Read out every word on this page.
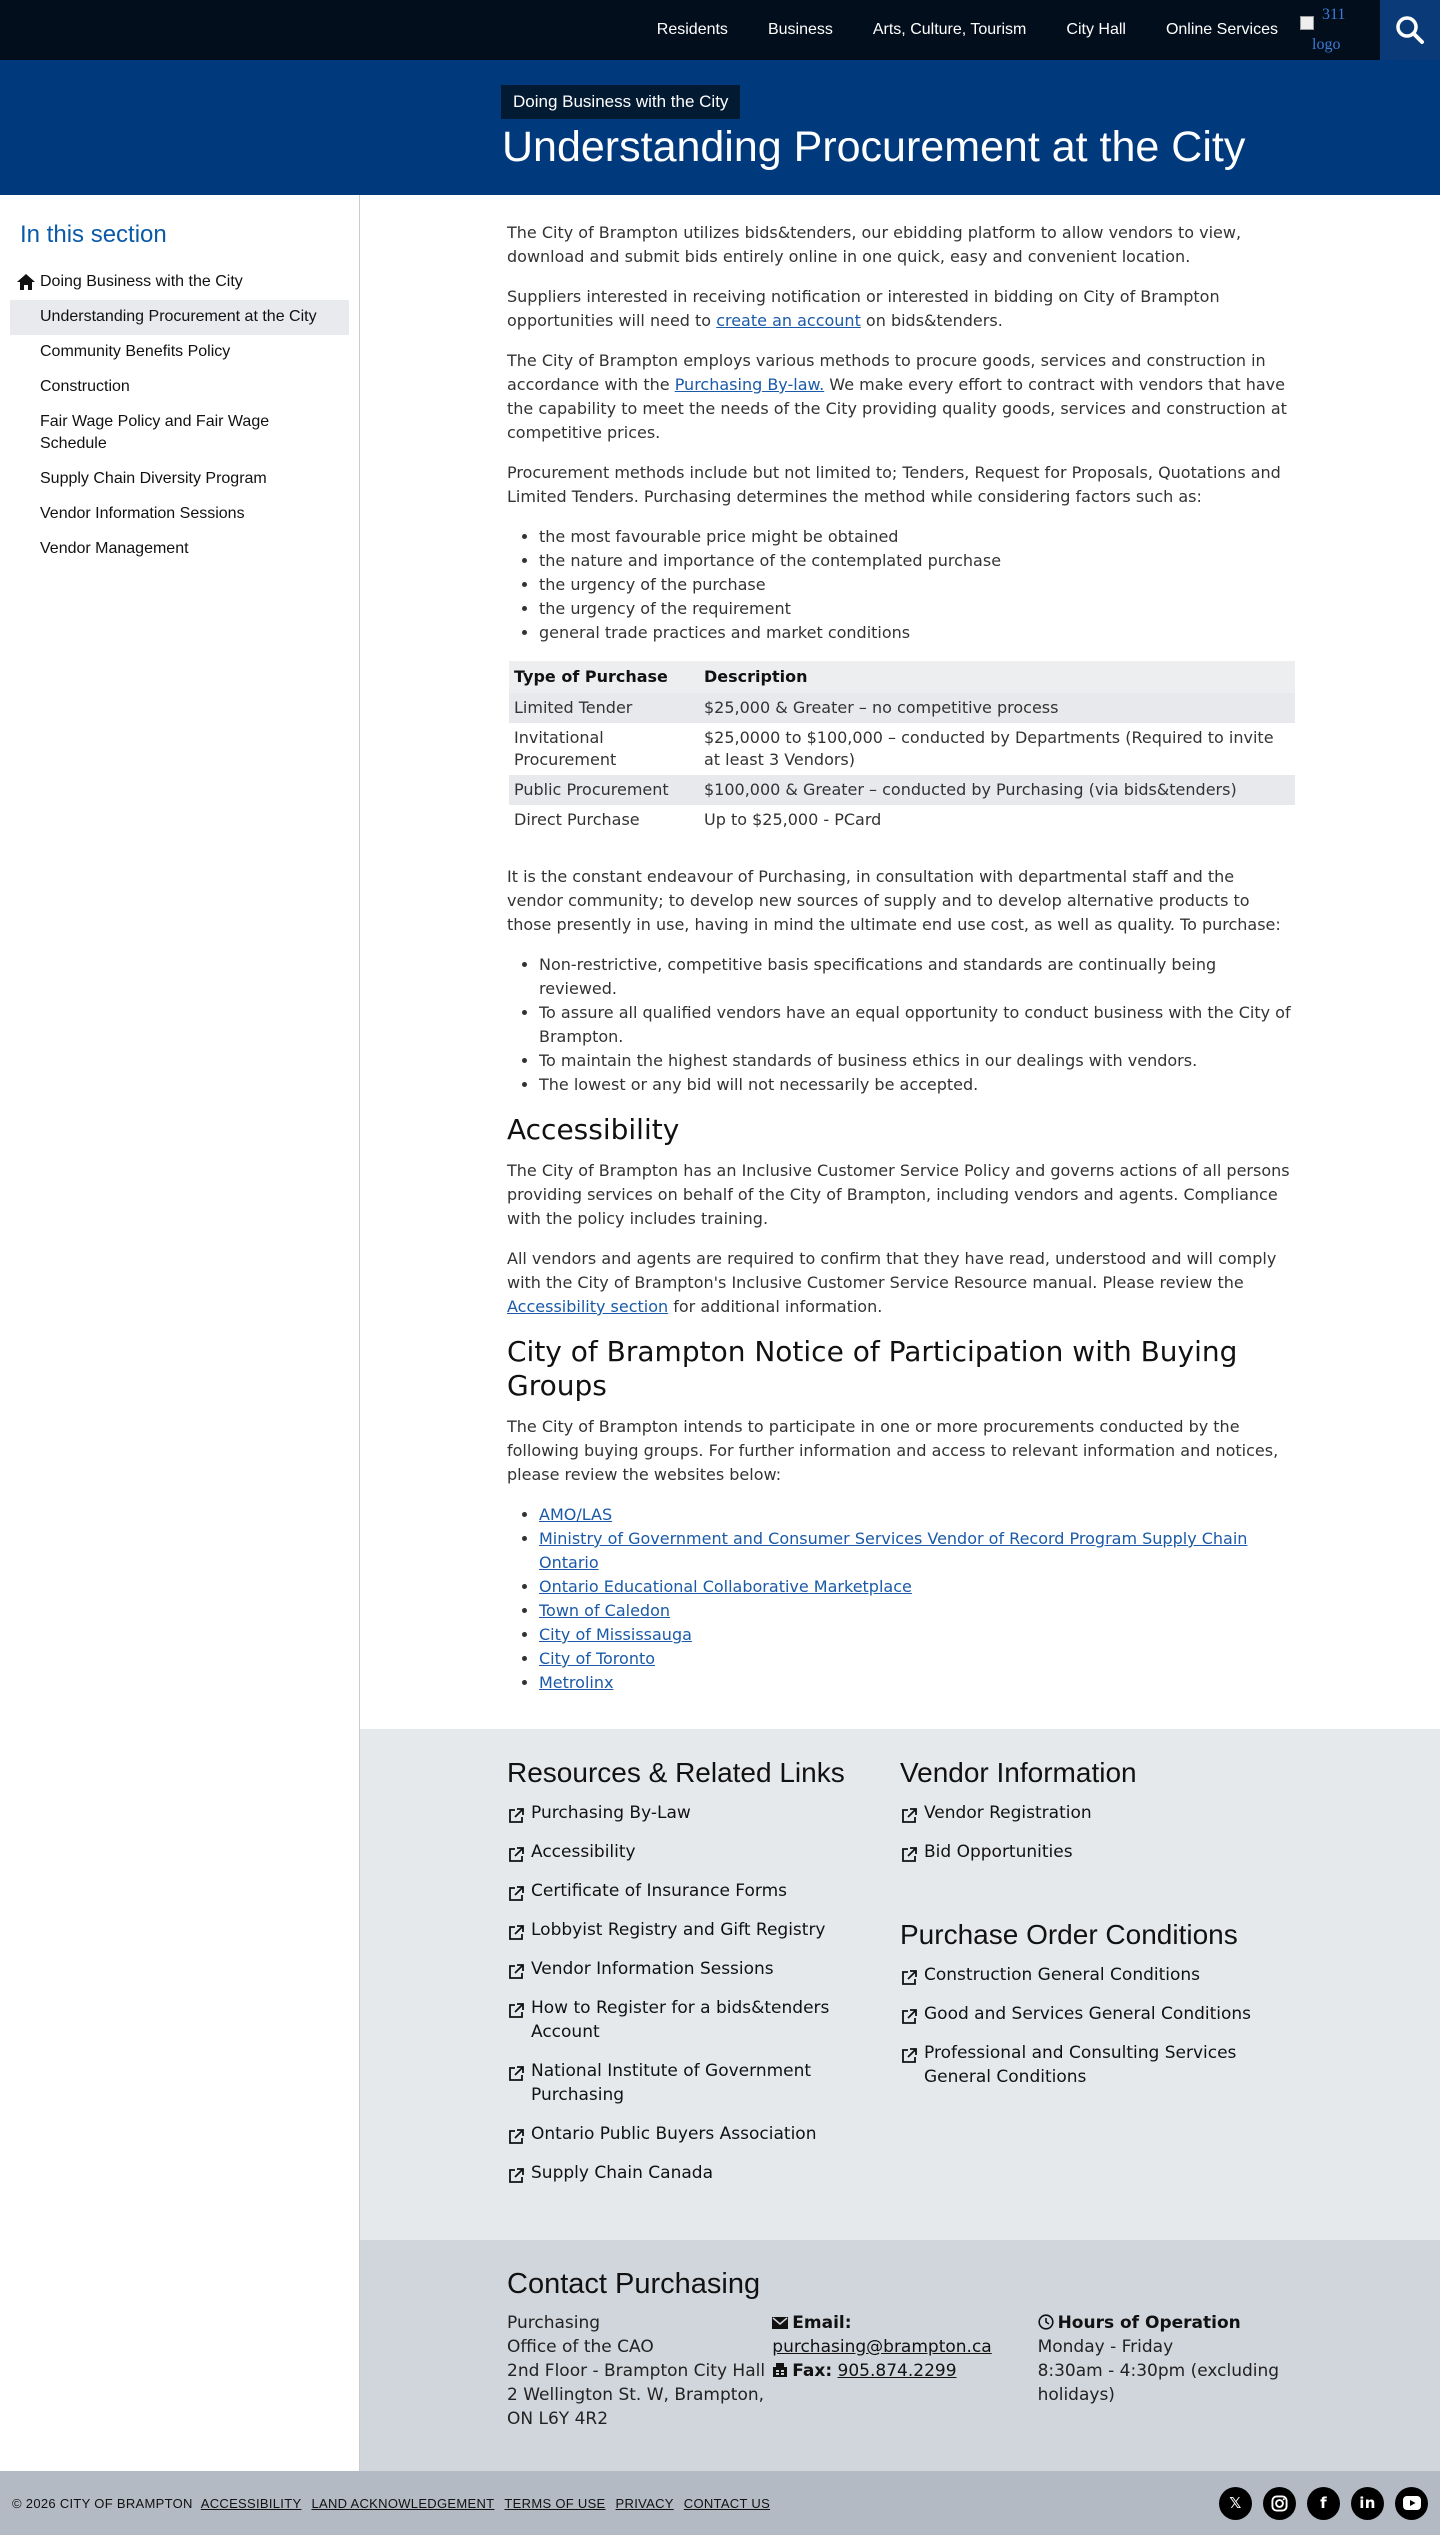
Residents	Business	Arts, Culture, Tourism	City Hall	Online Services
311
logo
Doing Business with the City
Understanding Procurement at the City
In this section
Doing Business with the City
Understanding Procurement at the City
Community Benefits Policy
Construction
Fair Wage Policy and Fair Wage Schedule
Supply Chain Diversity Program
Vendor Information Sessions
Vendor Management

The City of Brampton utilizes bids&tenders, our ebidding platform to allow vendors to view, download and submit bids entirely online in one quick, easy and convenient location.

Suppliers interested in receiving notification or interested in bidding on City of Brampton opportunities will need to create an account on bids&tenders.

The City of Brampton employs various methods to procure goods, services and construction in accordance with the Purchasing By-law. We make every effort to contract with vendors that have the capability to meet the needs of the City providing quality goods, services and construction at competitive prices.

Procurement methods include but not limited to; Tenders, Request for Proposals, Quotations and Limited Tenders. Purchasing determines the method while considering factors such as:

• the most favourable price might be obtained
• the nature and importance of the contemplated purchase
• the urgency of the purchase
• the urgency of the requirement
• general trade practices and market conditions
Type of Purchase	Description
Limited Tender	$25,000 & Greater – no competitive process
Invitational Procurement	$25,0000 to $100,000 – conducted by Departments (Required to invite at least 3 Vendors)
Public Procurement	$100,000 & Greater – conducted by Purchasing (via bids&tenders)
Direct Purchase	Up to $25,000 - PCard

It is the constant endeavour of Purchasing, in consultation with departmental staff and the vendor community; to develop new sources of supply and to develop alternative products to those presently in use, having in mind the ultimate end use cost, as well as quality. To purchase:

• Non-restrictive, competitive basis specifications and standards are continually being reviewed.
• To assure all qualified vendors have an equal opportunity to conduct business with the City of Brampton.
• To maintain the highest standards of business ethics in our dealings with vendors.
• The lowest or any bid will not necessarily be accepted.
Accessibility

The City of Brampton has an Inclusive Customer Service Policy and governs actions of all persons providing services on behalf of the City of Brampton, including vendors and agents. Compliance with the policy includes training.

All vendors and agents are required to confirm that they have read, understood and will comply with the City of Brampton's Inclusive Customer Service Resource manual. Please review the Accessibility section for additional information.

City of Brampton Notice of Participation with Buying Groups

The City of Brampton intends to participate in one or more procurements conducted by the following buying groups. For further information and access to relevant information and notices, please review the websites below:

• AMO/LAS
• Ministry of Government and Consumer Services Vendor of Record Program Supply Chain Ontario
• Ontario Educational Collaborative Marketplace
• Town of Caledon
• City of Mississauga
• City of Toronto
• Metrolinx
Resources & Related Links
Purchasing By-Law
Accessibility
Certificate of Insurance Forms
Lobbyist Registry and Gift Registry
Vendor Information Sessions
How to Register for a bids&tenders Account
National Institute of Government Purchasing
Ontario Public Buyers Association
Supply Chain Canada
Vendor Information
Vendor Registration
Bid Opportunities
Purchase Order Conditions
Construction General Conditions
Good and Services General Conditions
Professional and Consulting Services General Conditions
Contact Purchasing
Purchasing
Office of the CAO
2nd Floor - Brampton City Hall
2 Wellington St. W, Brampton, ON L6Y 4R2
Email:
purchasing@brampton.ca
Fax: 905.874.2299
Hours of Operation
Monday - Friday
8:30am - 4:30pm (excluding holidays)
© 2026 CITY OF BRAMPTON ACCESSIBILITY LAND ACKNOWLEDGEMENT TERMS OF USE PRIVACY CONTACT US	𝕏	f	in
